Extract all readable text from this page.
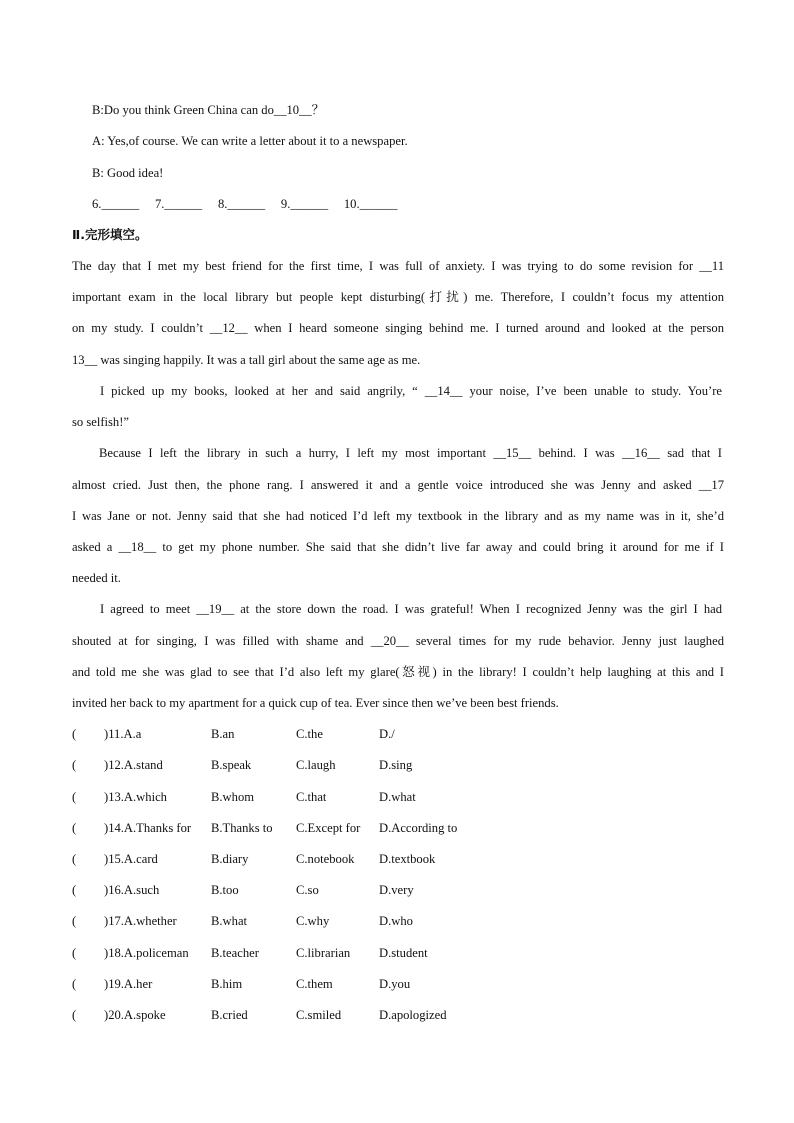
B:Do you think Green China can do__10__？
A: Yes,of course. We can write a letter about it to a newspaper.
B: Good idea!
6.______     7.______     8.______     9.______     10.______
Ⅱ.完形填空。
The day that I met my best friend for the first time, I was full of anxiety. I was trying to do some revision for __11
important exam in the local library but people kept disturbing(打扰) me. Therefore, I couldn’t focus my attention
on my study. I couldn’t __12__ when I heard someone singing behind me. I turned around and looked at the person
13__ was singing happily. It was a tall girl about the same age as me.
I picked up my books, looked at her and said angrily, “ __14__ your noise, I’ve been unable to study. You’re
so selfish!”
Because I left the library in such a hurry, I left my most important __15__ behind. I was __16__ sad that I
almost cried. Just then, the phone rang. I answered it and a gentle voice introduced she was Jenny and asked __17
I was Jane or not. Jenny said that she had noticed I’d left my textbook in the library and as my name was in it, she’d
asked a __18__ to get my phone number. She said that she didn’t live far away and could bring it around for me if I
needed it.
I agreed to meet __19__ at the store down the road. I was grateful! When I recognized Jenny was the girl I had
shouted at for singing, I was filled with shame and __20__ several times for my rude behavior. Jenny just laughed
and told me she was glad to see that I’d also left my glare(怒视) in the library! I couldn’t help laughing at this and I
invited her back to my apartment for a quick cup of tea. Ever since then we’ve been best friends.
( )11.A.a	B.an	C.the	D./
( )12.A.stand	B.speak	C.laugh	D.sing
( )13.A.which	B.whom	C.that	D.what
( )14.A.Thanks for B.Thanks to C.Except for D.According to
( )15.A.card	B.diary	C.notebook D.textbook
( )16.A.such	B.too	C.so	D.very
( )17.A.whether	B.what	C.why	D.who
( )18.A.policeman B.teacher	C.librarian D.student
( )19.A.her	B.him	C.them	D.you
( )20.A.spoke	B.cried	C.smiled	D.apologized
